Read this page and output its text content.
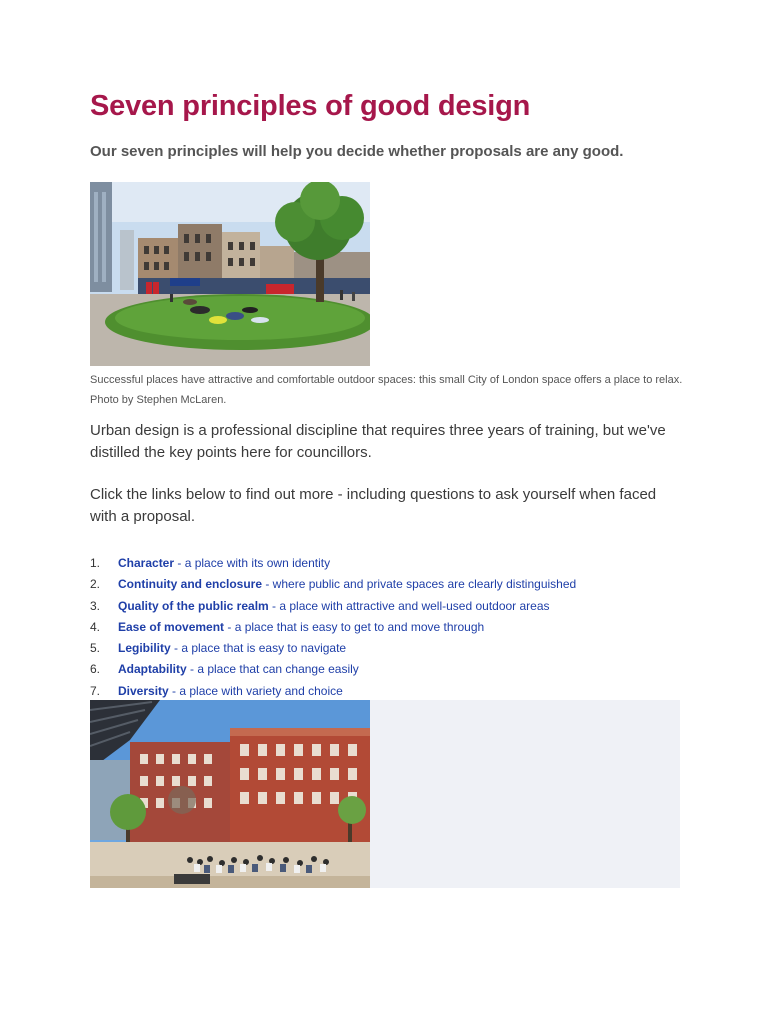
Seven principles of good design

Our seven principles will help you decide whether proposals are any good.

Successful places have attractive and comfortable outdoor spaces: this small City of London space offers a place to relax. Photo by Stephen McLaren.

Urban design is a professional discipline that requires three years of training, but we've distilled the key points here for councillors.

Click the links below to find out more - including questions to ask yourself when faced with a proposal.

1. Character - a place with its own identity
2. Continuity and enclosure - where public and private spaces are clearly distinguished
3. Quality of the public realm - a place with attractive and well-used outdoor areas
4. Ease of movement - a place that is easy to get to and move through
5. Legibility - a place that is easy to navigate
6. Adaptability - a place that can change easily
7. Diversity - a place with variety and choice
